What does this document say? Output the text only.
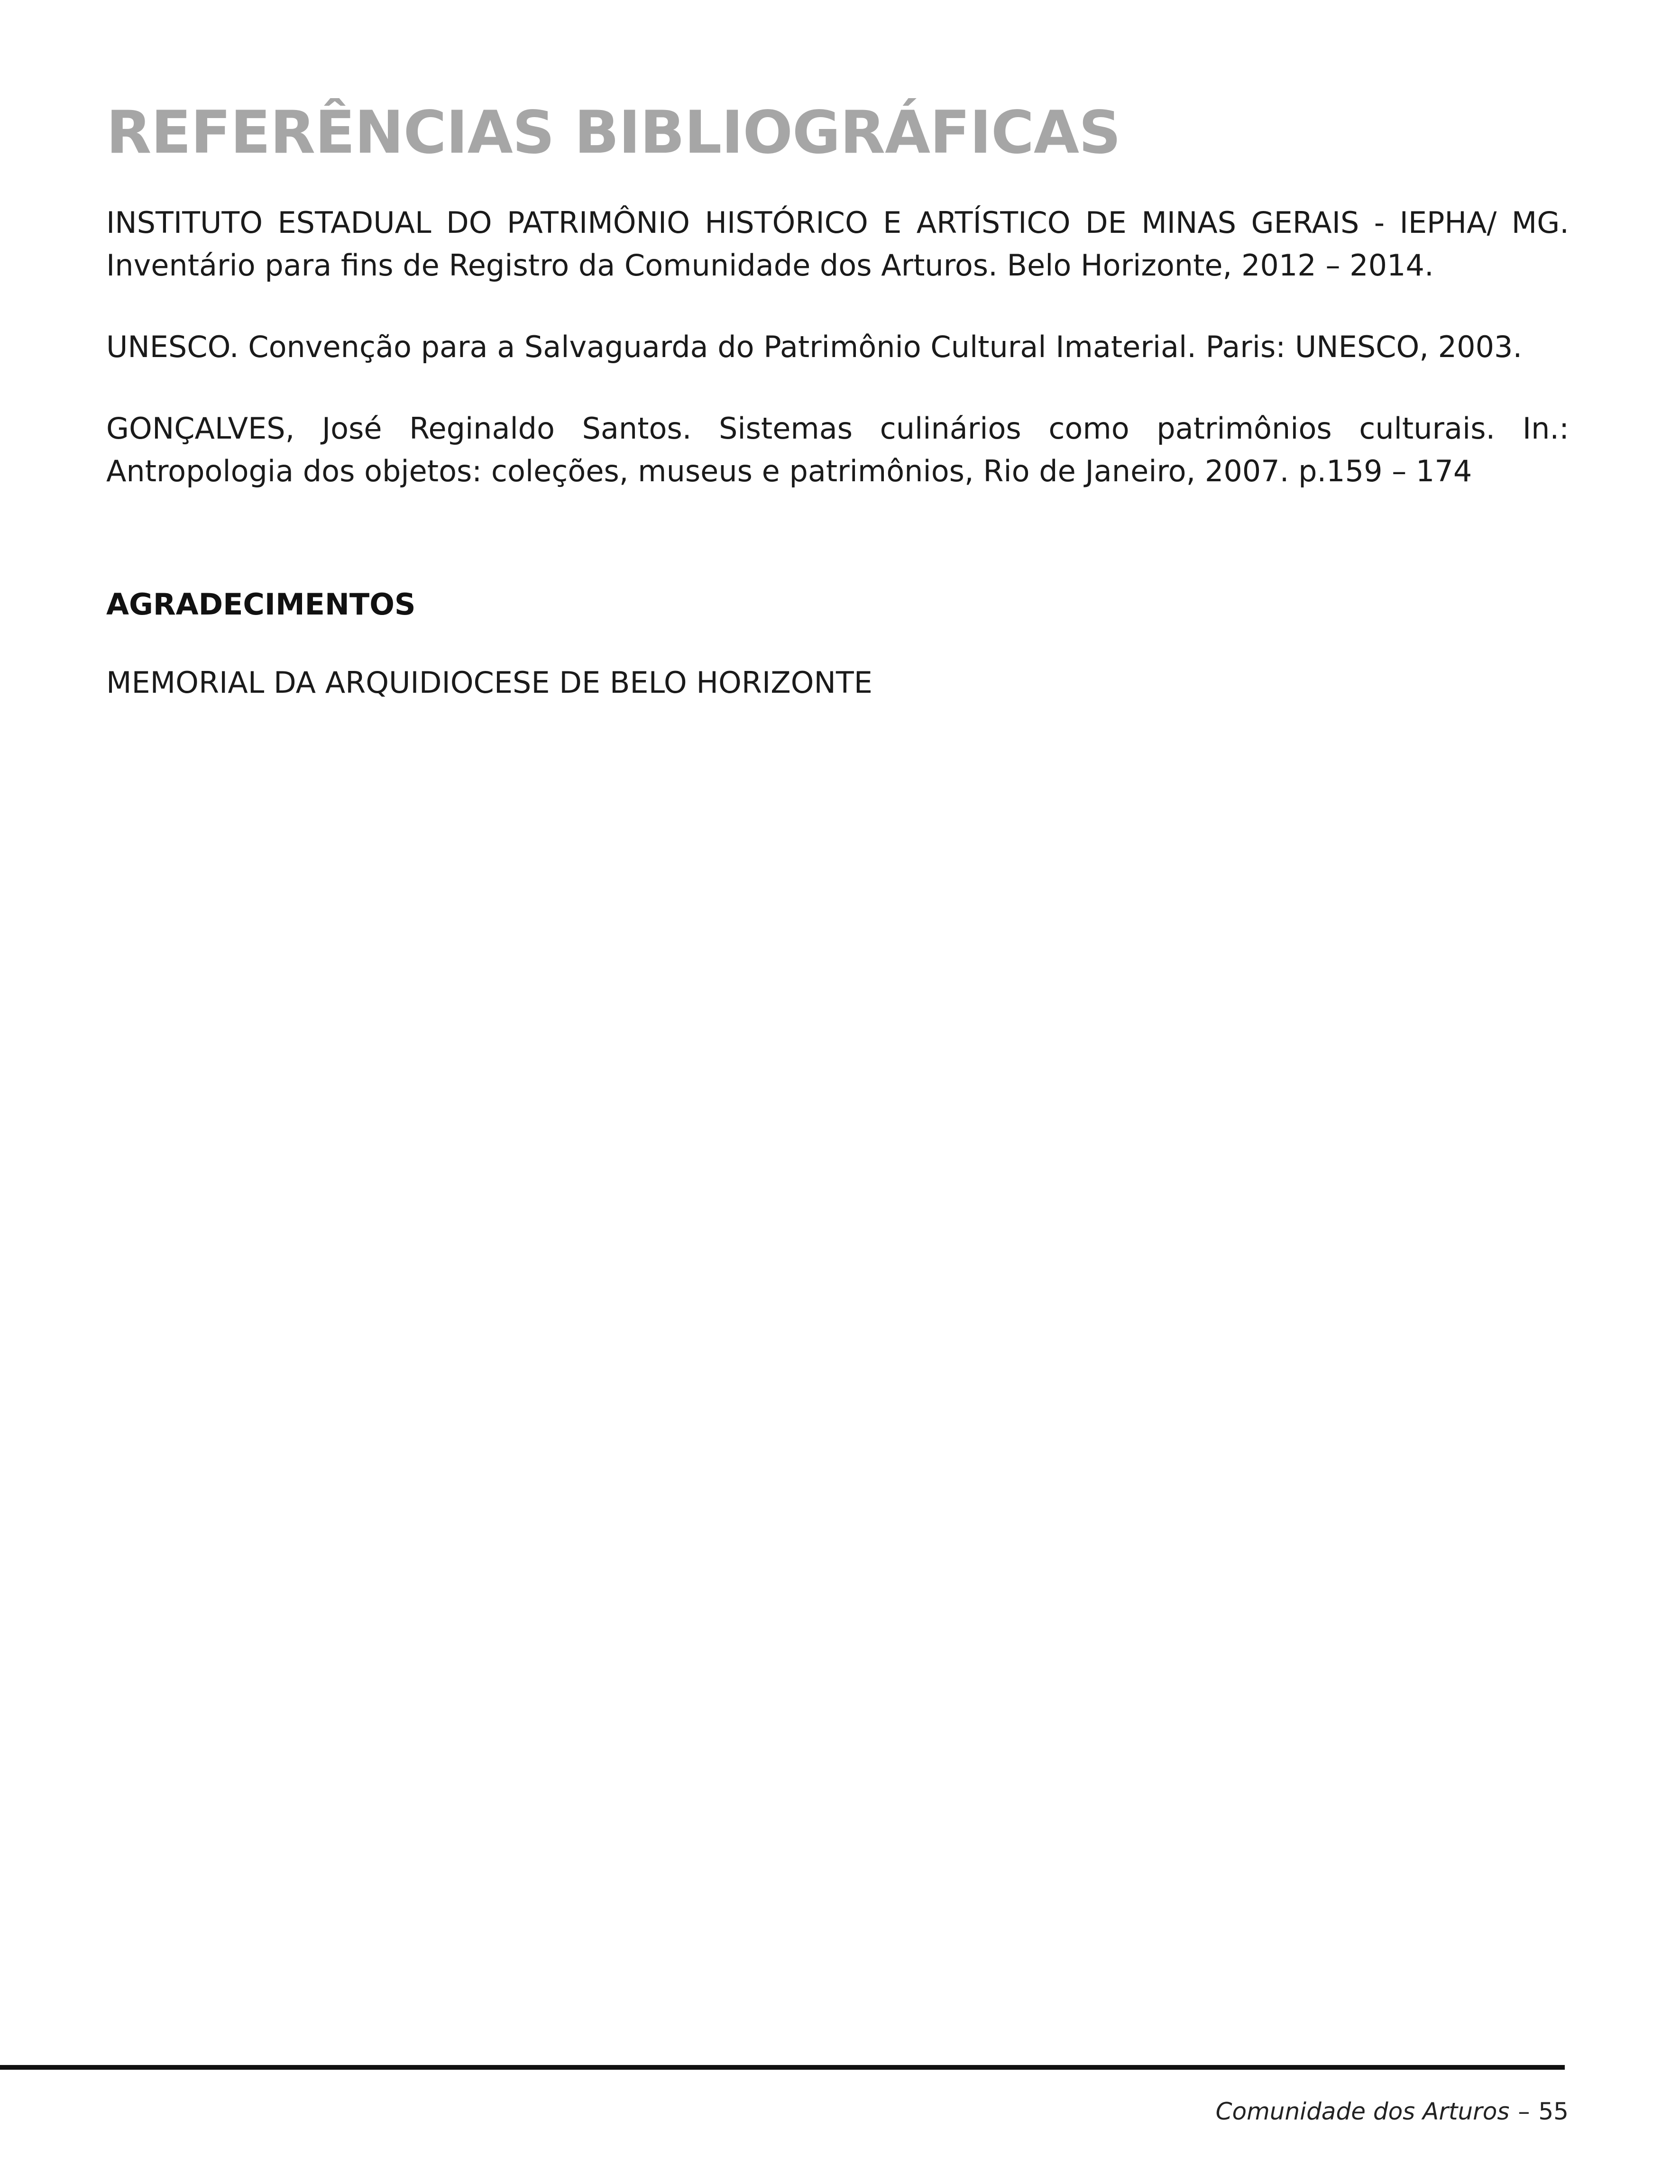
REFERÊNCIAS BIBLIOGRÁFICAS

INSTITUTO ESTADUAL DO PATRIMÔNIO HISTÓRICO E ARTÍSTICO DE MINAS GERAIS - IEPHA/ MG. Inventário para fins de Registro da Comunidade dos Arturos. Belo Horizonte, 2012 – 2014.

UNESCO. Convenção para a Salvaguarda do Patrimônio Cultural Imaterial. Paris: UNESCO, 2003.

GONÇALVES, José Reginaldo Santos. Sistemas culinários como patrimônios culturais. In.: Antropologia dos objetos: coleções, museus e patrimônios, Rio de Janeiro, 2007. p.159 – 174

AGRADECIMENTOS

MEMORIAL DA ARQUIDIOCESE DE BELO HORIZONTE

Comunidade dos Arturos – 55
